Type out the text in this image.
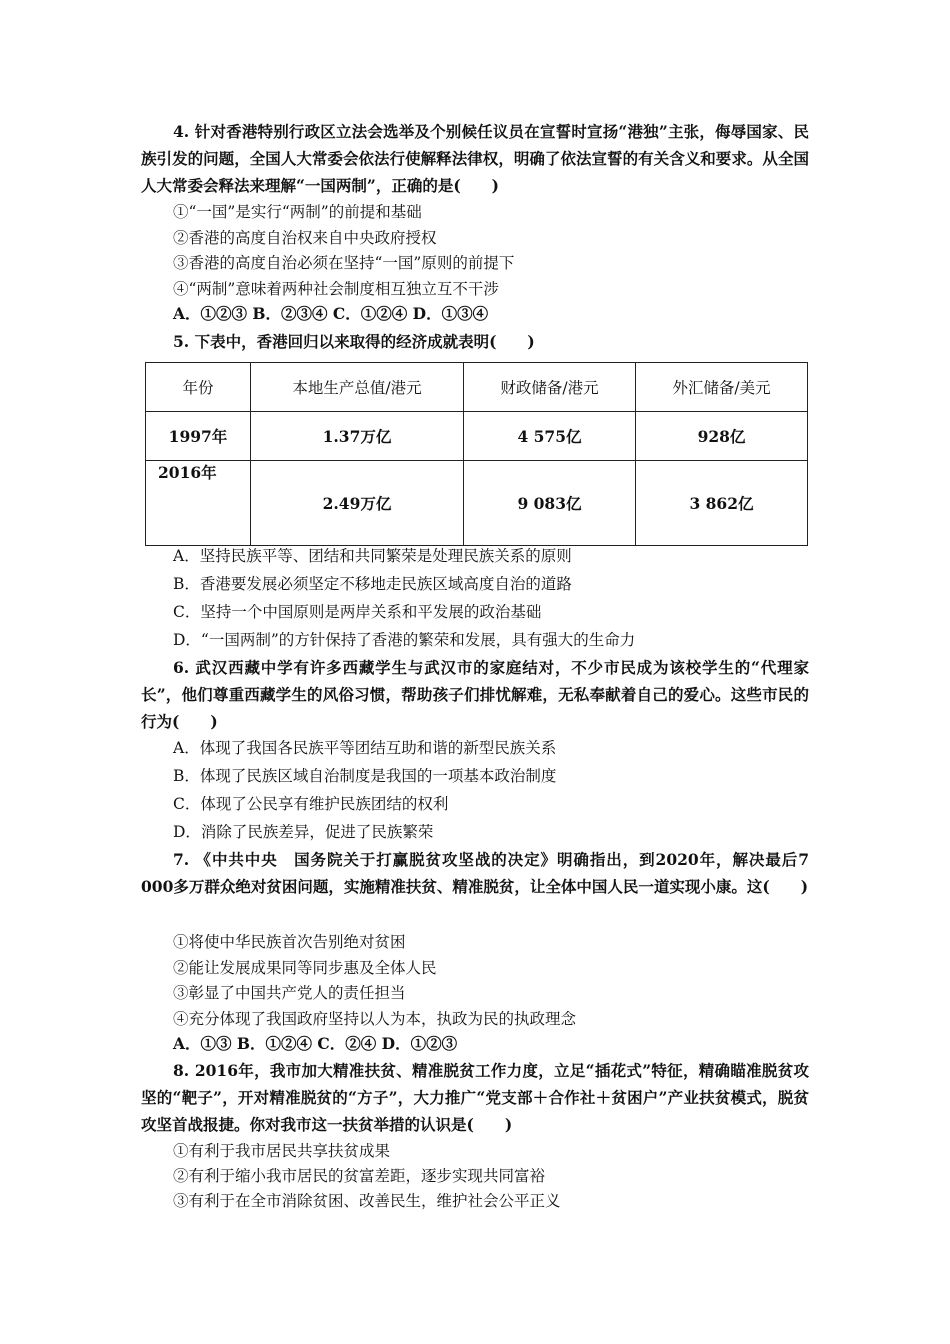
4. 针对香港特别行政区立法会选举及个别候任议员在宣誓时宣扬“港独”主张，侮辱国家、民族引发的问题，全国人大常委会依法行使解释法律权，明确了依法宣誓的有关含义和要求。从全国人大常委会释法来理解“一国两制”，正确的是(　　)
①“一国”是实行“两制”的前提和基础
②香港的高度自治权来自中央政府授权
③香港的高度自治必须在坚持“一国”原则的前提下
④“两制”意味着两种社会制度相互独立互不干涉
A．①②③ B．②③④ C．①②④ D．①③④
5. 下表中，香港回归以来取得的经济成就表明(　　)
年份	本地生产总值/港元	财政储备/港元	外汇储备/美元
1997年	1.37万亿	4 575亿	928亿

2016年	2.49万亿	9 083亿	3 862亿
A．坚持民族平等、团结和共同繁荣是处理民族关系的原则
B．香港要发展必须坚定不移地走民族区域高度自治的道路
C．坚持一个中国原则是两岸关系和平发展的政治基础
D．“一国两制”的方针保持了香港的繁荣和发展，具有强大的生命力
6. 武汉西藏中学有许多西藏学生与武汉市的家庭结对，不少市民成为该校学生的“代理家长”，他们尊重西藏学生的风俗习惯，帮助孩子们排忧解难，无私奉献着自己的爱心。这些市民的行为(　　)
A．体现了我国各民族平等团结互助和谐的新型民族关系
B．体现了民族区域自治制度是我国的一项基本政治制度
C．体现了公民享有维护民族团结的权利
D．消除了民族差异，促进了民族繁荣
7. 《中共中央　国务院关于打赢脱贫攻坚战的决定》明确指出，到2020年，解决最后7 000多万群众绝对贫困问题，实施精准扶贫、精准脱贫，让全体中国人民一道实现小康。这(　　)
①将使中华民族首次告别绝对贫困
②能让发展成果同等同步惠及全体人民
③彰显了中国共产党人的责任担当
④充分体现了我国政府坚持以人为本，执政为民的执政理念
A．①③ B．①②④ C．②④ D．①②③
8. 2016年，我市加大精准扶贫、精准脱贫工作力度，立足“插花式”特征，精确瞄准脱贫攻坚的“靶子”，开对精准脱贫的“方子”，大力推广“党支部＋合作社＋贫困户”产业扶贫模式，脱贫攻坚首战报捷。你对我市这一扶贫举措的认识是(　　)
①有利于我市居民共享扶贫成果
②有利于缩小我市居民的贫富差距，逐步实现共同富裕
③有利于在全市消除贫困、改善民生，维护社会公平正义
